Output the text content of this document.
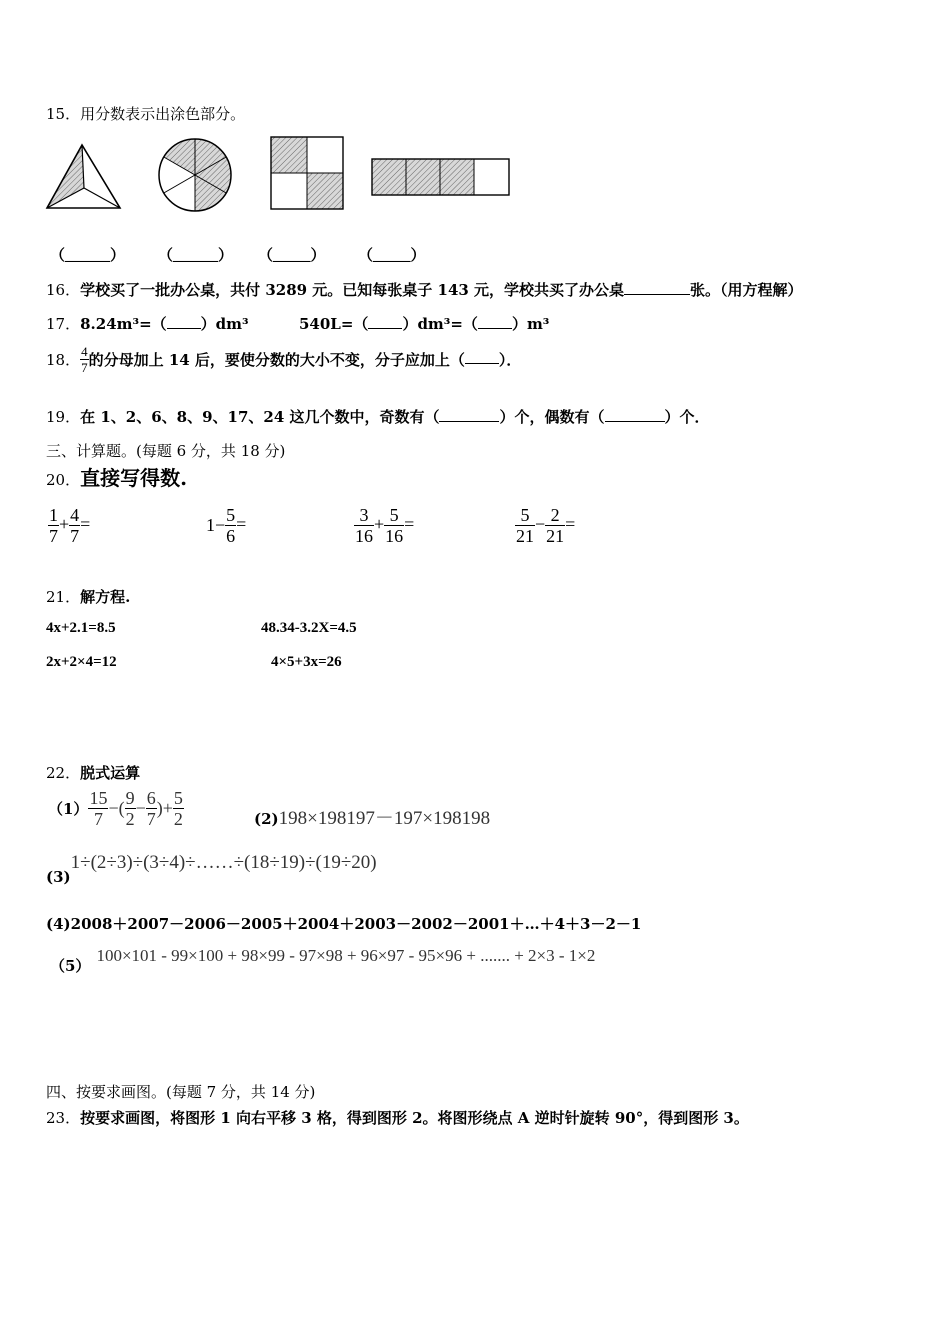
15．用分数表示出涂色部分。
（______） （______） （_____） （_____）
16．学校买了一批办公桌，共付 3289 元。已知每张桌子 143 元，学校共买了办公桌	张。（用方程解）
17．8.24m³=（ ）dm³	540L=（ ）dm³=（ ）m³
18． $\frac{4}{7}$ 的分母加上 14 后，要使分数的大小不变，分子应加上（ ）．
19．在 1、2、6、8、9、17、24 这几个数中，奇数有（	）个，偶数有（	）个．
三、计算题。(每题 6 分，共 18 分)
20．直接写得数.
$\frac{1}{7} + \frac{4}{7}$ =	$1- \frac{5}{6}$ =	$\frac{3}{16} + \frac{5}{16}$ =	$\frac{5}{21} - \frac{2}{21}$ =
21．解方程.
4x+2.1=8.5	48.34-3.2X=4.5
2x+2×4=12	4×5+3x=26
22．脱式运算
$(1) \frac{15}{7}$ −( $\frac{9}{2} - \frac{6}{7}$ )+ $\frac{5}{2}$	(2)198×198197－197×198198
(3)1÷(2÷3)÷(3÷4)÷……÷(18÷19)÷(19÷20)
(4)2008＋2007－2006－2005＋2004＋2003－2002－2001＋…＋4＋3－2－1
（5）100×101 - 99×100 + 98×99 - 97×98 + 96×97 - 95×96 + ....... + 2×3 - 1×2
四、按要求画图。(每题 7 分，共 14 分)
23．按要求画图，将图形 1 向右平移 3 格，得到图形 2。将图形绕点 A 逆时针旋转 90°，得到图形 3。
